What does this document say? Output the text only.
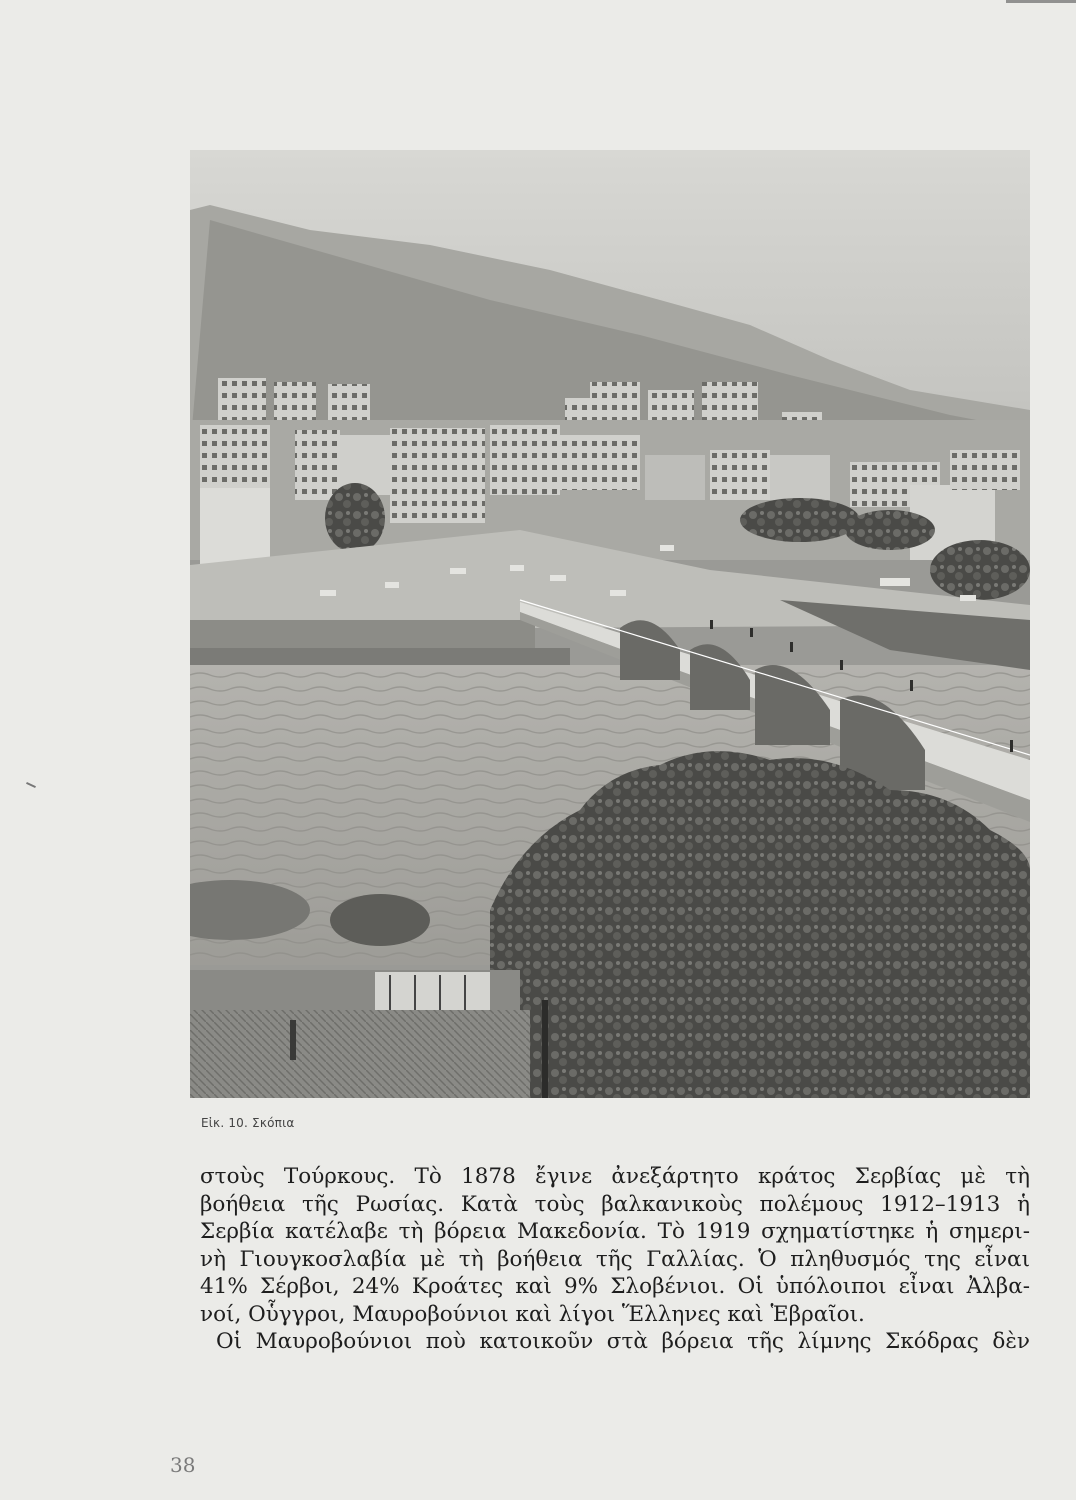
Εἰκ. 10. Σκόπια
στοὺς Τούρκους. Τὸ 1878 ἔγινε ἀνεξάρτητο κράτος Σερβίας μὲ τὴ
βοήθεια τῆς Ρωσίας. Κατὰ τοὺς βαλκανικοὺς πολέμους 1912–1913 ἡ
Σερβία κατέλαβε τὴ βόρεια Μακεδονία. Τὸ 1919 σχηματίστηκε ἡ σημερι-
νὴ Γιουγκοσλαβία μὲ τὴ βοήθεια τῆς Γαλλίας. Ὁ πληθυσμός της εἶναι
41% Σέρβοι, 24% Κροάτες καὶ 9% Σλοβένιοι. Οἱ ὑπόλοιποι εἶναι Ἀλβα-
νοί, Οὗγγροι, Μαυροβούνιοι καὶ λίγοι Ἕλληνες καὶ Ἑβραῖοι.
Οἱ Μαυροβούνιοι ποὺ κατοικοῦν στὰ βόρεια τῆς λίμνης Σκόδρας δὲν
38
